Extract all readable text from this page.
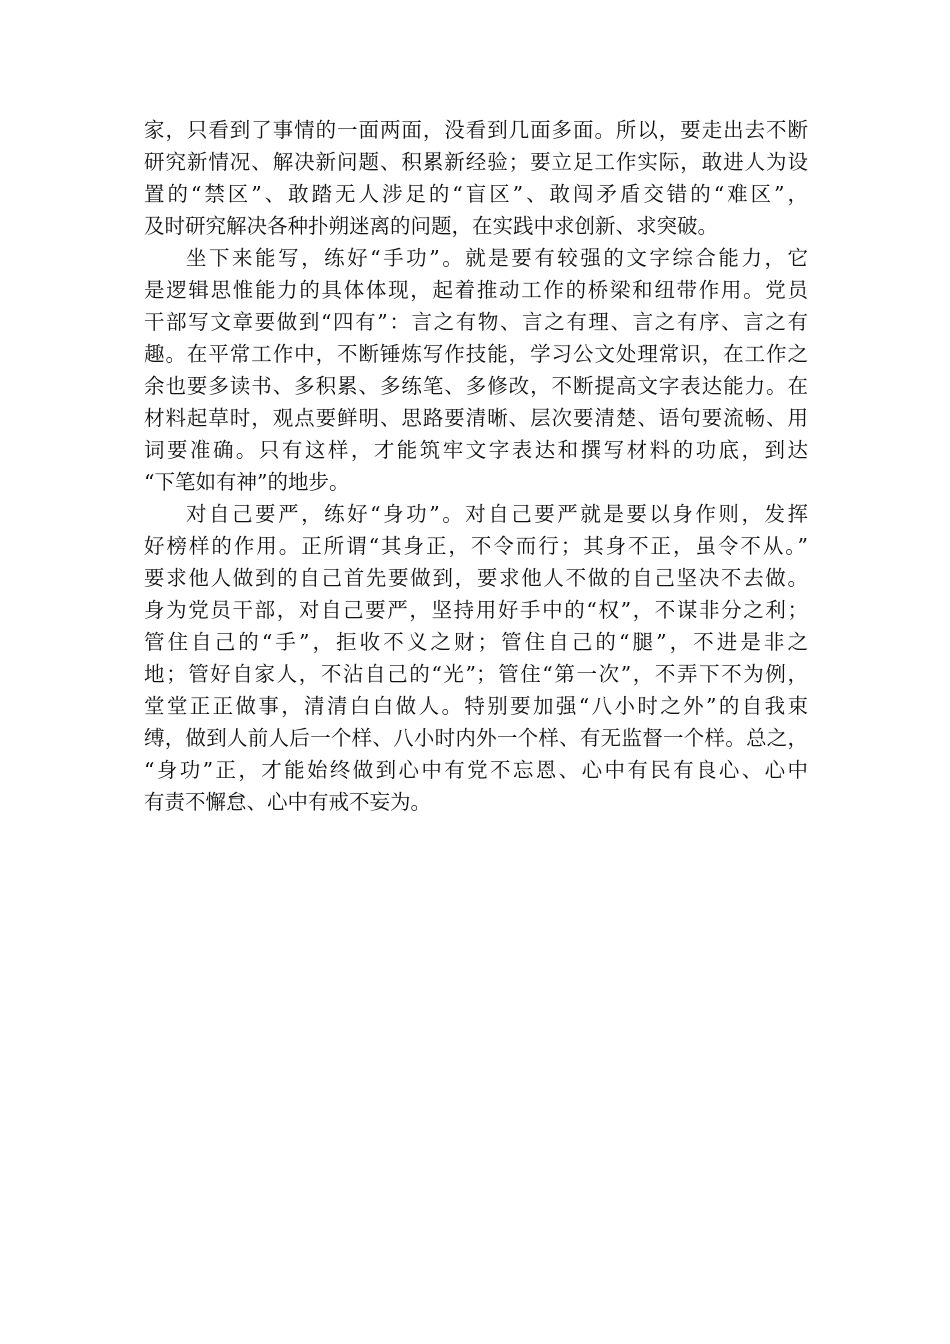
家，只看到了事情的一面两面，没看到几面多面。所以，要走出去不断
研究新情况、解决新问题、积累新经验；要立足工作实际，敢进人为设
置的“禁区”、敢踏无人涉足的“盲区”、敢闯矛盾交错的“难区”，
及时研究解决各种扑朔迷离的问题，在实践中求创新、求突破。
坐下来能写，练好“手功”。就是要有较强的文字综合能力，它
是逻辑思惟能力的具体体现，起着推动工作的桥梁和纽带作用。党员
干部写文章要做到“四有”：言之有物、言之有理、言之有序、言之有
趣。在平常工作中，不断锤炼写作技能，学习公文处理常识，在工作之
余也要多读书、多积累、多练笔、多修改，不断提高文字表达能力。在
材料起草时，观点要鲜明、思路要清晰、层次要清楚、语句要流畅、用
词要准确。只有这样，才能筑牢文字表达和撰写材料的功底，到达
“下笔如有神”的地步。
对自己要严，练好“身功”。对自己要严就是要以身作则，发挥
好榜样的作用。正所谓“其身正，不令而行；其身不正，虽令不从。”
要求他人做到的自己首先要做到，要求他人不做的自己坚决不去做。
身为党员干部，对自己要严，坚持用好手中的“权”，不谋非分之利；
管住自己的“手”，拒收不义之财；管住自己的“腿”，不进是非之
地；管好自家人，不沾自己的“光”；管住“第一次”，不弄下不为例，
堂堂正正做事，清清白白做人。特别要加强“八小时之外”的自我束
缚，做到人前人后一个样、八小时内外一个样、有无监督一个样。总之，
“身功”正，才能始终做到心中有党不忘恩、心中有民有良心、心中
有责不懈怠、心中有戒不妄为。
